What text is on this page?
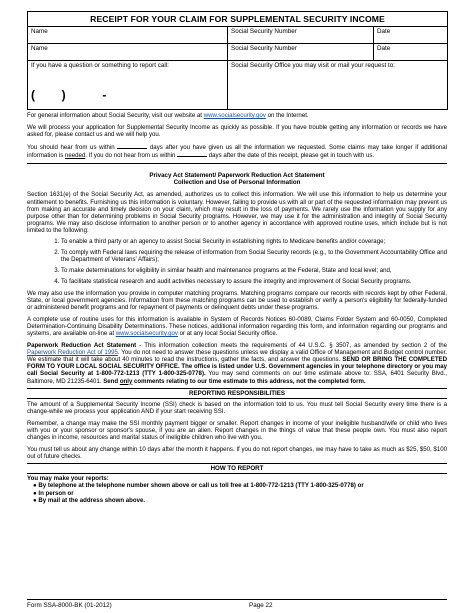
RECEIPT FOR YOUR CLAIM FOR SUPPLEMENTAL SECURITY INCOME		
Name	Social Security Number	Date
Name	Social Security Number	Date

If you have a question or something to report call:
(        )           -	Social Security Office you may visit or mail your request to:	

For general information about Social Security, visit our website at www.socialsecurity.gov on the Internet.

We will process your application for Supplemental Security Income as quickly as possible. If you have trouble getting any information or records we have asked for, please contact us and we will help you.

You should hear from us within	days after you have given us all the information we requested. Some claims may take longer if additional information is needed. If you do not hear from us within	days after the date of this receipt, please get in touch with us.

Privacy Act Statement/ Paperwork Reduction Act Statement
Collection and Use of Personal Information

Section 1631(e) of the Social Security Act, as amended, authorizes us to collect this information. We will use this information to help us determine your entitlement to benefits. Furnishing us this information is voluntary. However, failing to provide us with all or part of the requested information may prevent us from making an accurate and timely decision on your claim, which may result in the loss of payments. We rarely use the information you supply for any purpose other than for determining problems in Social Security programs. However, we may use it for the administration and integrity of Social Security programs. We may also disclose information to another person or to another agency in accordance with approved routine uses, which include but is not limited to the following:

1. To enable a third party or an agency to assist Social Security in establishing rights to Medicare benefits and/or coverage;
2. To comply with Federal laws requiring the release of information from Social Security records (e.g., to the Government Accountability Office and the Department of Veterans' Affairs);
3. To make determinations for eligibility in similar health and maintenance programs at the Federal, State and local level; and,
4. To facilitate statistical research and audit activities necessary to assure the integrity and improvement of Social Security programs.

We may also use the information you provide in computer matching programs. Matching programs compare our records with records kept by other Federal, State, or local government agencies. Information from these matching programs can be used to establish or verify a person's eligibility for federally-funded or administered benefit programs and for repayment of payments or delinquent debts under these programs.

A complete use of routine uses for this information is available in System of Records Notices 60-0089, Claims Folder System and 60-0050, Completed Determination-Continuing Disability Determinations. These notices, additional information regarding this form, and information regarding our programs and systems, are available on-line at www.socialsecurity.gov or at any local Social Security office.

Paperwork Reduction Act Statement - This information collection meets the requirements of 44 U.S.C. § 3507, as amended by section 2 of the Paperwork Reduction Act of 1995. You do not need to answer these questions unless we display a valid Office of Management and Budget control number. We estimate that it will take about 40 minutes to read the instructions, gather the facts, and answer the questions. SEND OR BRING THE COMPLETED FORM TO YOUR LOCAL SOCIAL SECURITY OFFICE. The office is listed under U.S. Government agencies in your telephone directory or you may call Social Security at 1-800-772-1213 (TTY 1-800-325-0778). You may send comments on our time estimate above to: SSA, 6401 Security Blvd., Baltimore, MD 21235-6401. Send only comments relating to our time estimate to this address, not the completed form.

REPORTING RESPONSIBILITIES

The amount of a Supplemental Security Income (SSI) check is based on the information told to us. You must tell Social Security every time there is a change-while we process your application AND if your start receiving SSI.

Remember, a change may make the SSI monthly payment bigger or smaller. Report changes in income of your ineligible husband/wife or child who lives with you or your sponsor or sponsor's spouse, if you are an alien. Report changes in the things of value that these people own. You must also report changes in income, resources and marital status of ineligible children who live with you.

You must tell us about any change within 10 days after the month it happens. If you do not report changes, we may have to take as much as $25, $50, $100 out of future checks.

HOW TO REPORT
You may make your reports:
● By telephone at the telephone number shown above or call us toll free at 1-800-772-1213 (TTY 1-800-325-0778) or
● In person or
● By mail at the address shown above.
Form SSA-8000-BK (01-2012)	Page 22
